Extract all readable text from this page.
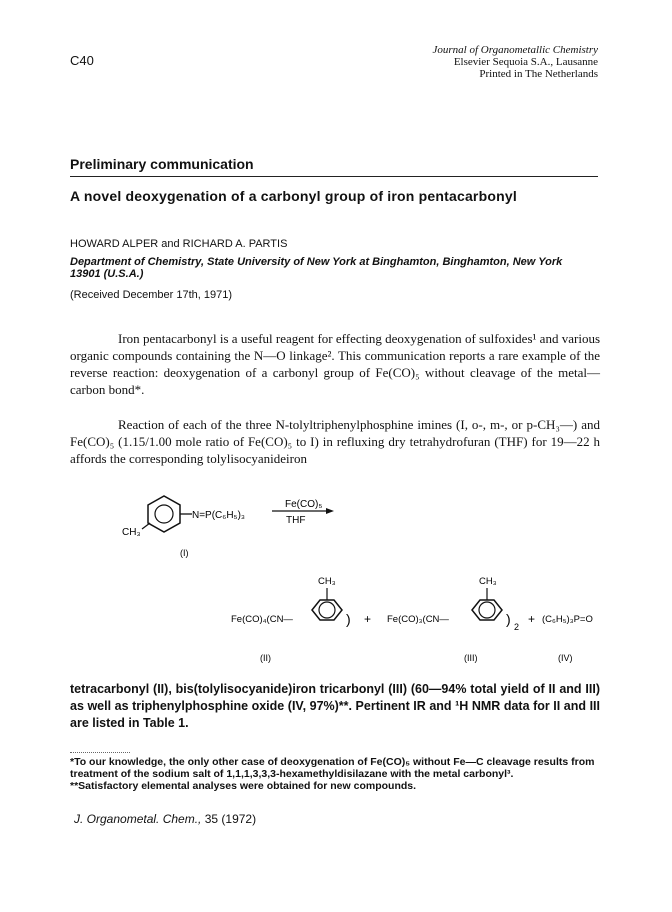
C40
Journal of Organometallic Chemistry
Elsevier Sequoia S.A., Lausanne
Printed in The Netherlands
Preliminary communication
A novel deoxygenation of a carbonyl group of iron pentacarbonyl
HOWARD ALPER and RICHARD A. PARTIS
Department of Chemistry, State University of New York at Binghamton, Binghamton, New York 13901 (U.S.A.)
(Received December 17th, 1971)
Iron pentacarbonyl is a useful reagent for effecting deoxygenation of sulfoxides¹ and various organic compounds containing the N—O linkage². This communication reports a rare example of the reverse reaction: deoxygenation of a carbonyl group of Fe(CO)₅ without cleavage of the metal—carbon bond*.
Reaction of each of the three N-tolyltriphenylphosphine imines (I, o-, m-, or p-CH₃—) and Fe(CO)₅ (1.15/1.00 mole ratio of Fe(CO)₅ to I) in refluxing dry tetrahydrofuran (THF) for 19—22 h affords the corresponding tolylisocyanideiron
N=P(C₆H₅)₃
CH₃
Fe(CO)₅
THF
(I)
CH₃
Fe(CO)₄(CN—	) +
CH₃
Fe(CO)₃(CN—	) 2
+ (C₆H₅)₃P=O
(II)	(III)	(IV)
tetracarbonyl (II), bis(tolylisocyanide)iron tricarbonyl (III) (60—94% total yield of II and III) as well as triphenylphosphine oxide (IV, 97%)**. Pertinent IR and ¹H NMR data for II and III are listed in Table 1.
*To our knowledge, the only other case of deoxygenation of Fe(CO)₅ without Fe—C cleavage results from treatment of the sodium salt of 1,1,1,3,3,3-hexamethyldisilazane with the metal carbonyl³.
**Satisfactory elemental analyses were obtained for new compounds.
J. Organometal. Chem., 35 (1972)
